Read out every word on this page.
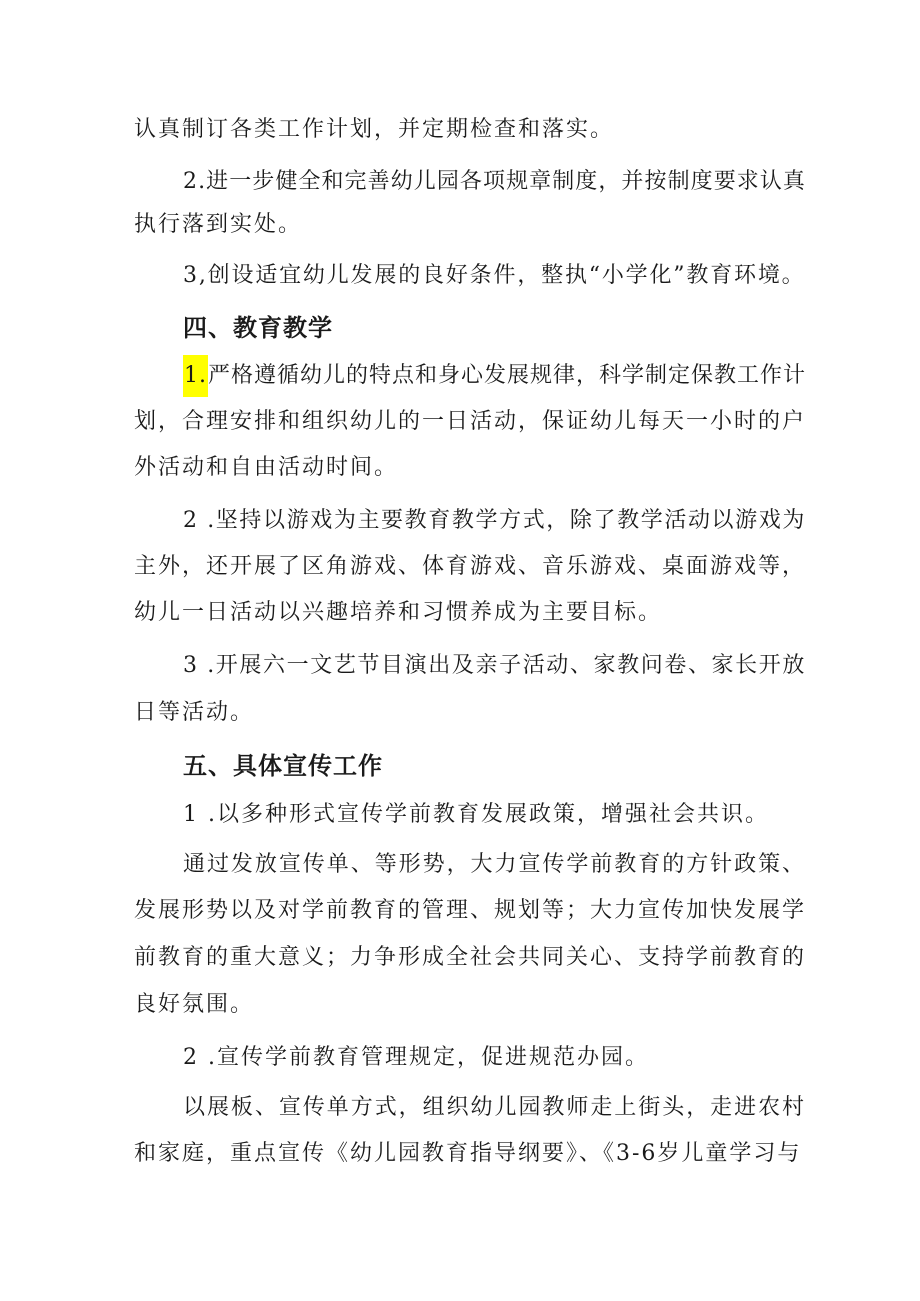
认真制订各类工作计划，并定期检查和落实。
2.进一步健全和完善幼儿园各项规章制度，并按制度要求认真
执行落到实处。
3,创设适宜幼儿发展的良好条件，整执“小学化”教育环境。
四、教育教学
1.严格遵循幼儿的特点和身心发展规律，科学制定保教工作计
划，合理安排和组织幼儿的一日活动，保证幼儿每天一小时的户
外活动和自由活动时间。
2 .坚持以游戏为主要教育教学方式，除了教学活动以游戏为
主外，还开展了区角游戏、体育游戏、音乐游戏、桌面游戏等，
幼儿一日活动以兴趣培养和习惯养成为主要目标。
3 .开展六一文艺节目演出及亲子活动、家教问卷、家长开放
日等活动。
五、具体宣传工作
1 .以多种形式宣传学前教育发展政策，增强社会共识。
通过发放宣传单、等形势，大力宣传学前教育的方针政策、
发展形势以及对学前教育的管理、规划等；大力宣传加快发展学
前教育的重大意义；力争形成全社会共同关心、支持学前教育的
良好氛围。
2 .宣传学前教育管理规定，促进规范办园。
以展板、宣传单方式，组织幼儿园教师走上街头，走进农村
和家庭，重点宣传《幼儿园教育指导纲要》、《3-6岁儿童学习与
